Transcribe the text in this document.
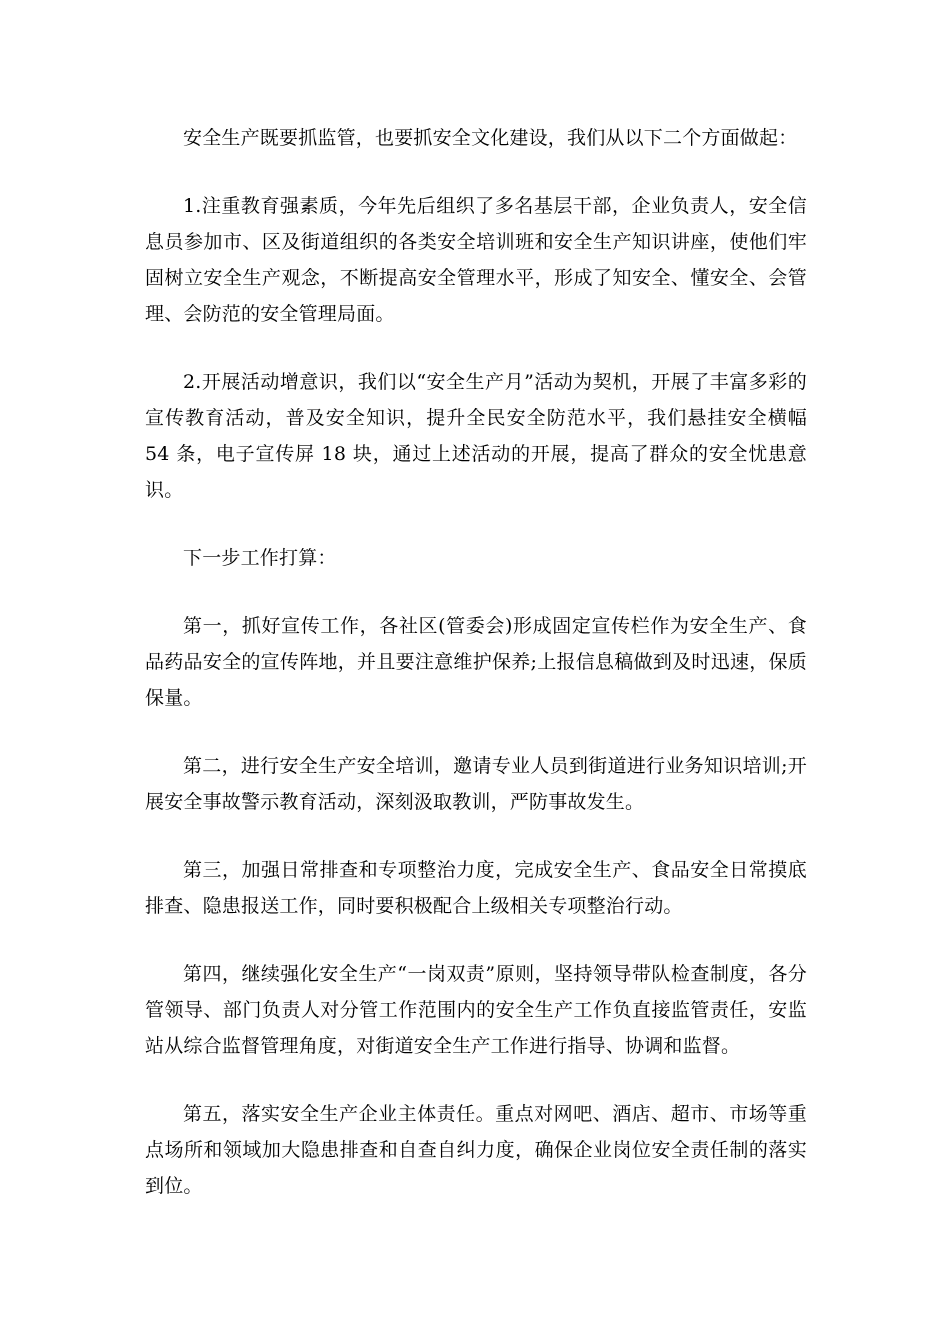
安全生产既要抓监管，也要抓安全文化建设，我们从以下二个方面做起：

1.注重教育强素质，今年先后组织了多名基层干部，企业负责人，安全信息员参加市、区及街道组织的各类安全培训班和安全生产知识讲座，使他们牢固树立安全生产观念，不断提高安全管理水平，形成了知安全、懂安全、会管理、会防范的安全管理局面。

2.开展活动增意识，我们以“安全生产月”活动为契机，开展了丰富多彩的宣传教育活动，普及安全知识，提升全民安全防范水平，我们悬挂安全横幅 54 条，电子宣传屏 18 块，通过上述活动的开展，提高了群众的安全忧患意识。

下一步工作打算：

第一，抓好宣传工作，各社区(管委会)形成固定宣传栏作为安全生产、食品药品安全的宣传阵地，并且要注意维护保养;上报信息稿做到及时迅速，保质保量。

第二，进行安全生产安全培训，邀请专业人员到街道进行业务知识培训;开展安全事故警示教育活动，深刻汲取教训，严防事故发生。

第三，加强日常排查和专项整治力度，完成安全生产、食品安全日常摸底排查、隐患报送工作，同时要积极配合上级相关专项整治行动。

第四，继续强化安全生产“一岗双责”原则，坚持领导带队检查制度，各分管领导、部门负责人对分管工作范围内的安全生产工作负直接监管责任，安监站从综合监督管理角度，对街道安全生产工作进行指导、协调和监督。

第五，落实安全生产企业主体责任。重点对网吧、酒店、超市、市场等重点场所和领域加大隐患排查和自查自纠力度，确保企业岗位安全责任制的落实到位。
